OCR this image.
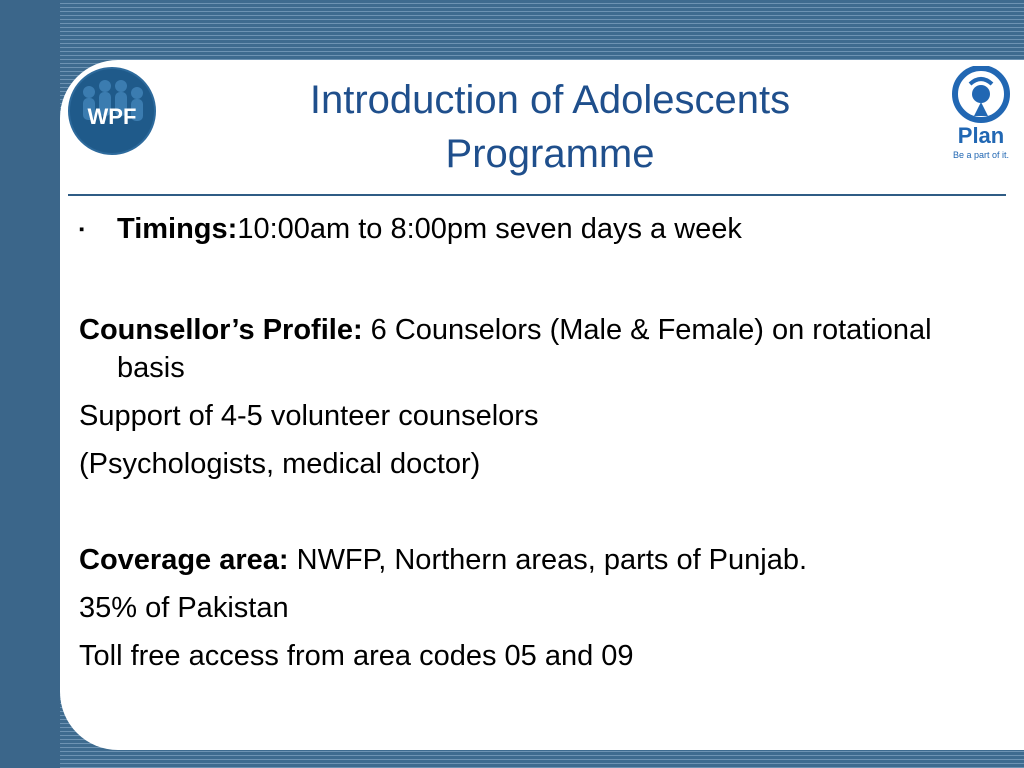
WPF
Plan
Be a part of it.
Introduction of Adolescents
Programme
▪	Timings:10:00am to 8:00pm seven days a week

Counsellor’s Profile: 6 Counselors (Male & Female) on rotational basis

Support of 4-5 volunteer counselors

(Psychologists, medical doctor)

Coverage area: NWFP, Northern areas, parts of Punjab.

35% of Pakistan

Toll free access from area codes 05 and 09
